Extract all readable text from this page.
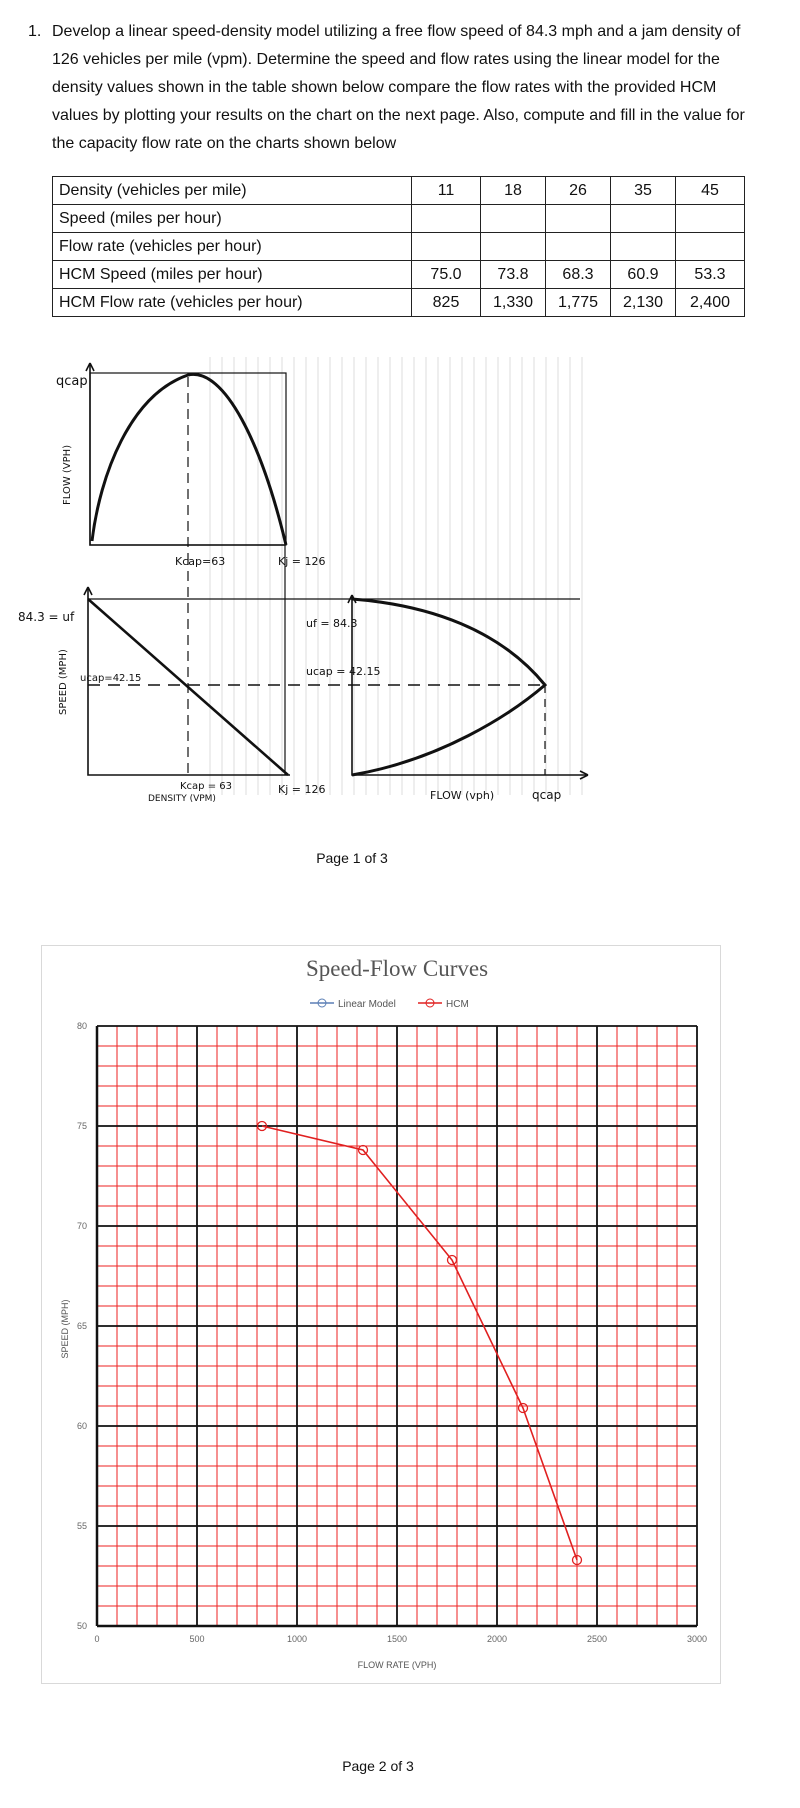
1. Develop a linear speed-density model utilizing a free flow speed of 84.3 mph and a jam density of 126 vehicles per mile (vpm). Determine the speed and flow rates using the linear model for the density values shown in the table shown below compare the flow rates with the provided HCM values by plotting your results on the chart on the next page. Also, compute and fill in the value for the capacity flow rate on the charts shown below
Density (vehicles per mile)	11	18	26	35	45
Speed (miles per hour)					
Flow rate (vehicles per hour)					
HCM Speed (miles per hour)	75.0	73.8	68.3	60.9	53.3
HCM Flow rate (vehicles per hour)	825	1,330	1,775	2,130	2,400
qcap
FLOW (VPH)
Kcap=63	Kj = 126
84.3 = uf
SPEED (MPH) ucap=42.15
Kcap = 63
DENSITY (VPM)
Kj = 126
uf = 84.3
ucap = 42.15
FLOW (vph)	qcap
Page 1 of 3
Speed-Flow Curves
Linear Model	HCM
0	500	1000	1500	2000	2500	3000
50
55
60
65
70
75
80
FLOW RATE (VPH)
SPEED (MPH)
Page 2 of 3
